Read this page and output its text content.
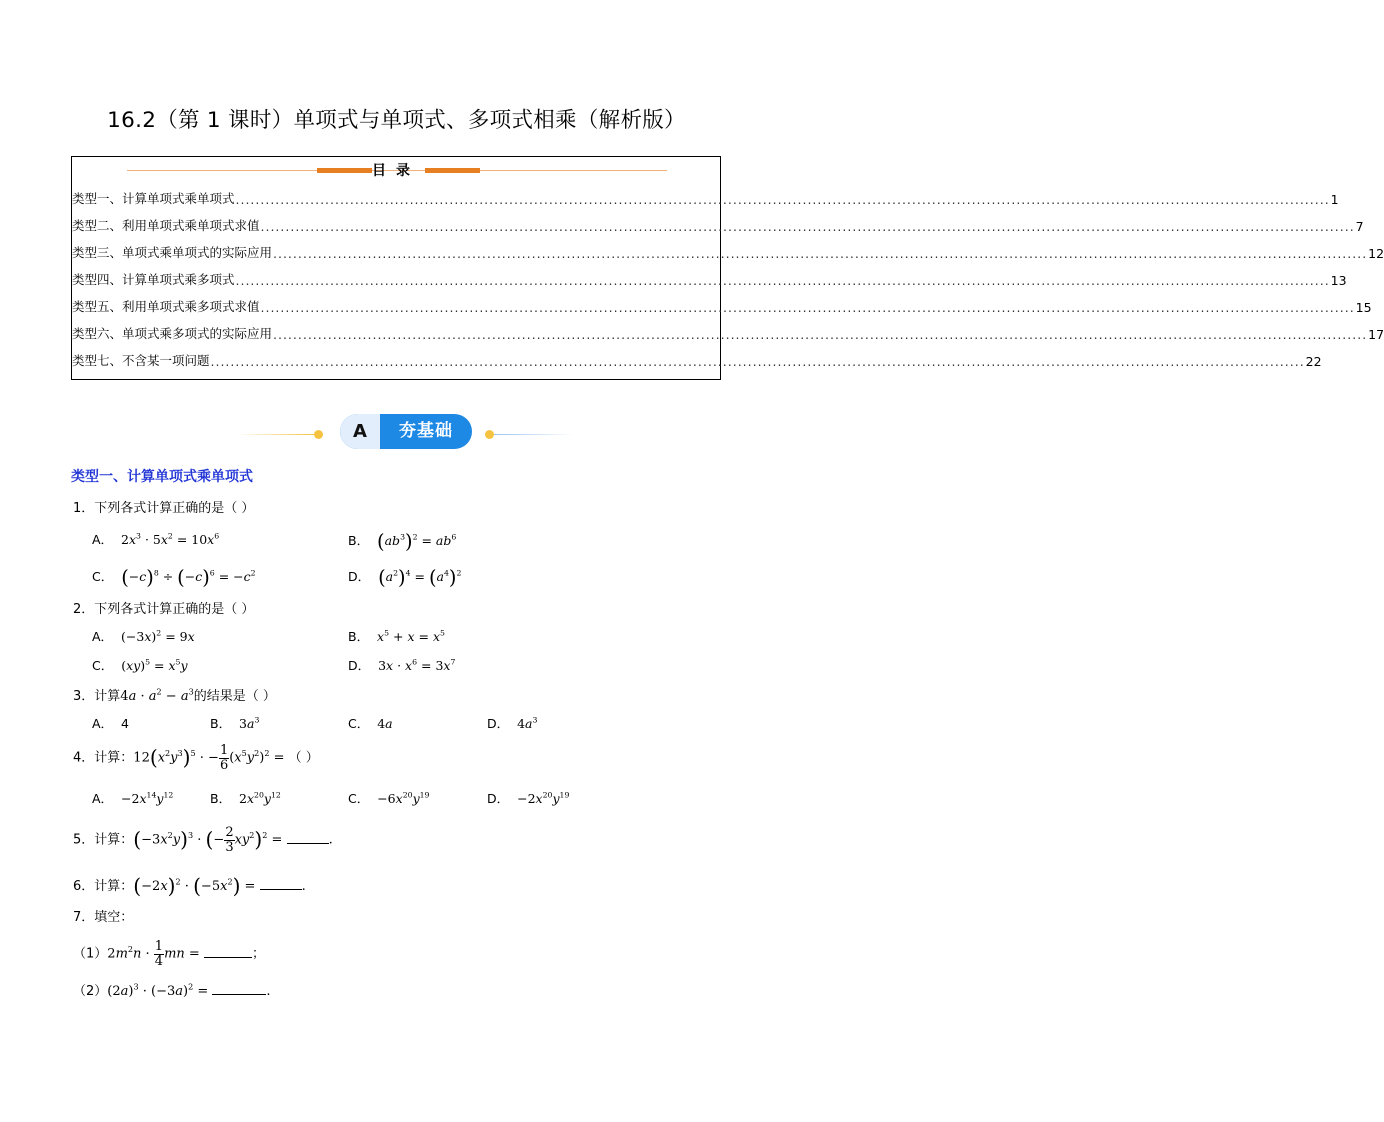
16.2（第 1 课时）单项式与单项式、多项式相乘（解析版）
目录
类型一、计算单项式乘单项式 ............................................................................................................................................................................................................................ 1
类型二、利用单项式乘单项式求值 ............................................................................................................................................................................................................................ 7
类型三、单项式乘单项式的实际应用 ............................................................................................................................................................................................................................ 12
类型四、计算单项式乘多项式 ............................................................................................................................................................................................................................ 13
类型五、利用单项式乘多项式求值 ............................................................................................................................................................................................................................ 15
类型六、单项式乘多项式的实际应用 ............................................................................................................................................................................................................................ 17
类型七、不含某一项问题 ............................................................................................................................................................................................................................ 22
A	夯基础
类型一、计算单项式乘单项式
1．下列各式计算正确的是（ ）
A． $2x^3 \cdot 5x^2 = 10x^6$	B． $(ab^3)^2 = ab^6$
C． $(-c)^8 \div (-c)^6 = -c^2$	D． $(a^2)^4 = (a^4)^2$
2．下列各式计算正确的是（ ）
A． $(-3x)^2 = 9x$	B． $x^5 + x = x^5$
C． $(xy)^5 = x^5y$	D． $3x \cdot x^6 = 3x^7$
3．计算$4a \cdot a^2 - a^3$的结果是（ ）
A． 4	B． $3a^3$	C． 4a	D． $4a^3$
4．计算：$12(x^2y^3)^5$ · − $\frac{1}{6} (x^5y^2)^2$ = （ ）
A． $-2x^{14}y^{12}$	B． $2x^{20}y^{12}$	C． $-6x^{20}y^{19}$	D． $-2x^{20}y^{19}$
5．计算：$(-3x^2y)^3$ · (− $\frac{2}{3} xy^2)^2$ =	.
6．计算：$(-2x)^2 \cdot (-5x^2)$ =	.
7．填空：
$(1)2m^2n \cdot \frac{1}{4}$ mn =	；
$(2)(2a)^3 \cdot (-3a)^2$ =	.
